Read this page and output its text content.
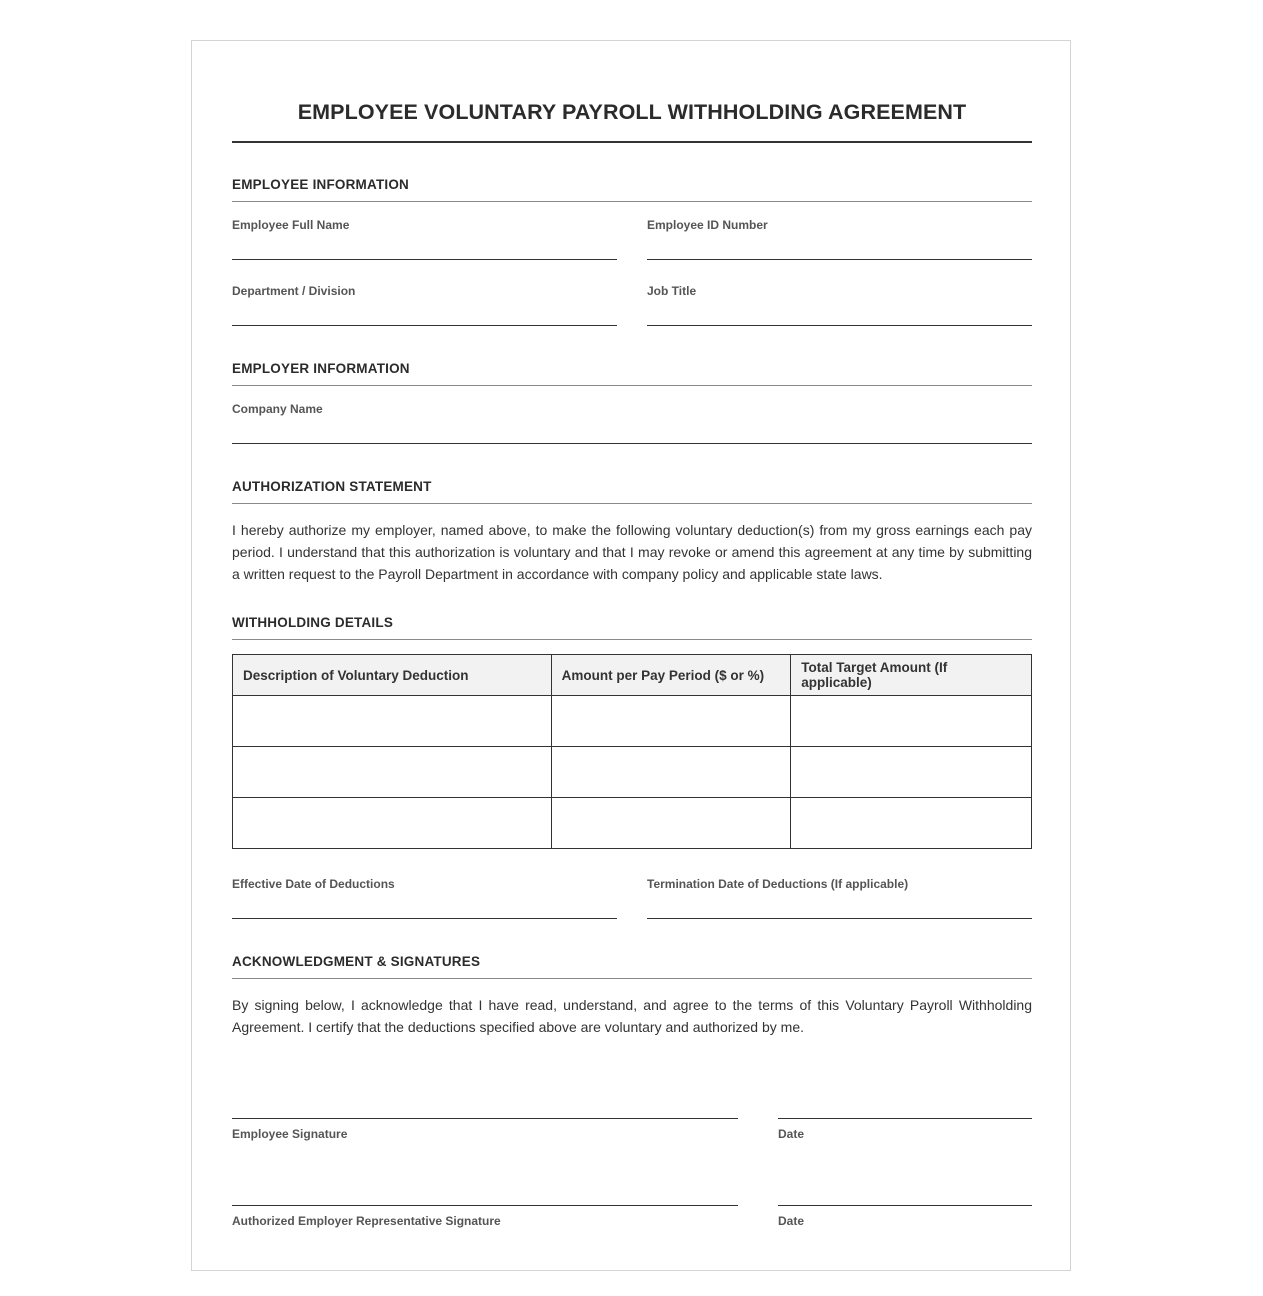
EMPLOYEE VOLUNTARY PAYROLL WITHHOLDING AGREEMENT
EMPLOYEE INFORMATION
Employee Full Name	Employee ID Number
Department / Division	Job Title
EMPLOYER INFORMATION
Company Name
AUTHORIZATION STATEMENT
I hereby authorize my employer, named above, to make the following voluntary deduction(s) from my gross earnings each pay period. I understand that this authorization is voluntary and that I may revoke or amend this agreement at any time by submitting a written request to the Payroll Department in accordance with company policy and applicable state laws.
WITHHOLDING DETAILS
Description of Voluntary Deduction	Amount per Pay Period ($ or %)	Total Target Amount (If applicable)

Effective Date of Deductions	Termination Date of Deductions (If applicable)
ACKNOWLEDGMENT & SIGNATURES
By signing below, I acknowledge that I have read, understand, and agree to the terms of this Voluntary Payroll Withholding Agreement. I certify that the deductions specified above are voluntary and authorized by me.
Employee Signature	Date
Authorized Employer Representative Signature	Date
